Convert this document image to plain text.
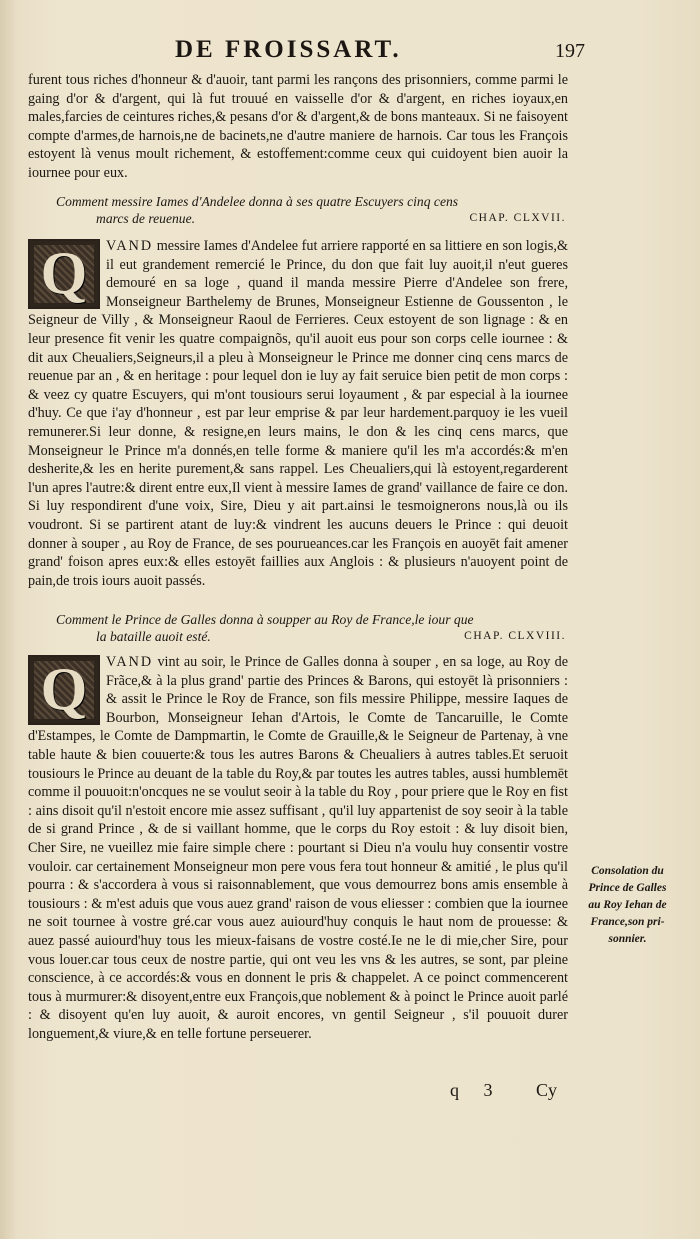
DE FROISSART.	197

furent tous riches d'honneur & d'auoir, tant parmi les rançons des prisonniers, comme parmi le gaing d'or & d'argent, qui là fut trouué en vaisselle d'or & d'argent, en riches ioyaux,en males,farcies de ceintures riches,& pesans d'or & d'argent,& de bons manteaux. Si ne faisoyent compte d'armes,de harnois,ne de bacinets,ne d'autre maniere de harnois. Car tous les François estoyent là venus moult richement, & estoffement:comme ceux qui cuidoyent bien auoir la iournee pour eux.

Comment messire Iames d'Andelee donna à ses quatre Escuyers cinq cens
marcs de reuenue.	CHAP. CLXVII.

Q	VAND messire Iames d'Andelee fut arriere rapporté en sa littiere en son logis,& il eut grandement remercié le Prince, du don que fait luy auoit,il n'eut gueres demouré en sa loge , quand il manda messire Pierre d'Andelee son frere, Monseigneur Barthelemy de Brunes, Monseigneur Estienne de Goussenton , le Seigneur de Villy , & Monseigneur Raoul de Ferrieres. Ceux estoyent de son lignage : & en leur presence fit venir les quatre compaignõs, qu'il auoit eus pour son corps celle iournee : & dit aux Cheualiers,Seigneurs,il a pleu à Monseigneur le Prince me donner cinq cens marcs de reuenue par an , & en heritage : pour lequel don ie luy ay fait seruice bien petit de mon corps : & veez cy quatre Escuyers, qui m'ont tousiours serui loyaument , & par especial à la iournee d'huy. Ce que i'ay d'honneur , est par leur emprise & par leur hardement.parquoy ie les vueil remunerer.Si leur donne, & resigne,en leurs mains, le don & les cinq cens marcs, que Monseigneur le Prince m'a donnés,en telle forme & maniere qu'il les m'a accordés:& m'en desherite,& les en herite purement,& sans rappel. Les Cheualiers,qui là estoyent,regarderent l'un apres l'autre:& dirent entre eux,Il vient à messire Iames de grand' vaillance de faire ce don. Si luy respondirent d'une voix, Sire, Dieu y ait part.ainsi le tesmoignerons nous,là ou ils voudront. Si se partirent atant de luy:& vindrent les aucuns deuers le Prince : qui deuoit donner à souper , au Roy de France, de ses pourueances.car les François en auoyēt fait amener grand' foison apres eux:& elles estoyēt faillies aux Anglois : & plusieurs n'auoyent point de pain,de trois iours auoit passés.

Comment le Prince de Galles donna à soupper au Roy de France,le iour que
la bataille auoit esté.	CHAP. CLXVIII.

Q	VAND vint au soir, le Prince de Galles donna à souper , en sa loge, au Roy de Frãce,& à la plus grand' partie des Princes & Barons, qui estoyēt là prisonniers : & assit le Prince le Roy de France, son fils messire Philippe, messire Iaques de Bourbon, Monseigneur Iehan d'Artois, le Comte de Tancaruille, le Comte d'Estampes, le Comte de Dampmartin, le Comte de Grauille,& le Seigneur de Partenay, à vne table haute & bien couuerte:& tous les autres Barons & Cheualiers à autres tables.Et seruoit tousiours le Prince au deuant de la table du Roy,& par toutes les autres tables, aussi humblemēt comme il pouuoit:n'oncques ne se voulut seoir à la table du Roy , pour priere que le Roy en fist : ains disoit qu'il n'estoit encore mie assez suffisant , qu'il luy appartenist de soy seoir à la table de si grand Prince , & de si vaillant homme, que le corps du Roy estoit : & luy disoit bien, Cher Sire, ne vueillez mie faire simple chere : pourtant si Dieu n'a voulu huy consentir vostre vouloir. car certainement Monseigneur mon pere vous fera tout honneur & amitié , le plus qu'il pourra : & s'accordera à vous si raisonnablement, que vous demourrez bons amis ensemble à tousiours : & m'est aduis que vous auez grand' raison de vous eliesser : combien que la iournee ne soit tournee à vostre gré.car vous auez auiourd'huy conquis le haut nom de prouesse: & auez passé auiourd'huy tous les mieux-faisans de vostre costé.Ie ne le di mie,cher Sire, pour vous louer.car tous ceux de nostre partie, qui ont veu les vns & les autres, se sont, par pleine conscience, à ce accordés:& vous en donnent le pris & chappelet. A ce poinct commencerent tous à murmurer:& disoyent,entre eux François,que noblement & à poinct le Prince auoit parlé : & disoyent qu'en luy auoit, & auroit encores, vn gentil Seigneur , s'il pouuoit durer longuement,& viure,& en telle fortune perseuerer.

Consolation du

Prince de Galles

au Roy Iehan de

France,son pri-

sonnier.

q 3 Cy
